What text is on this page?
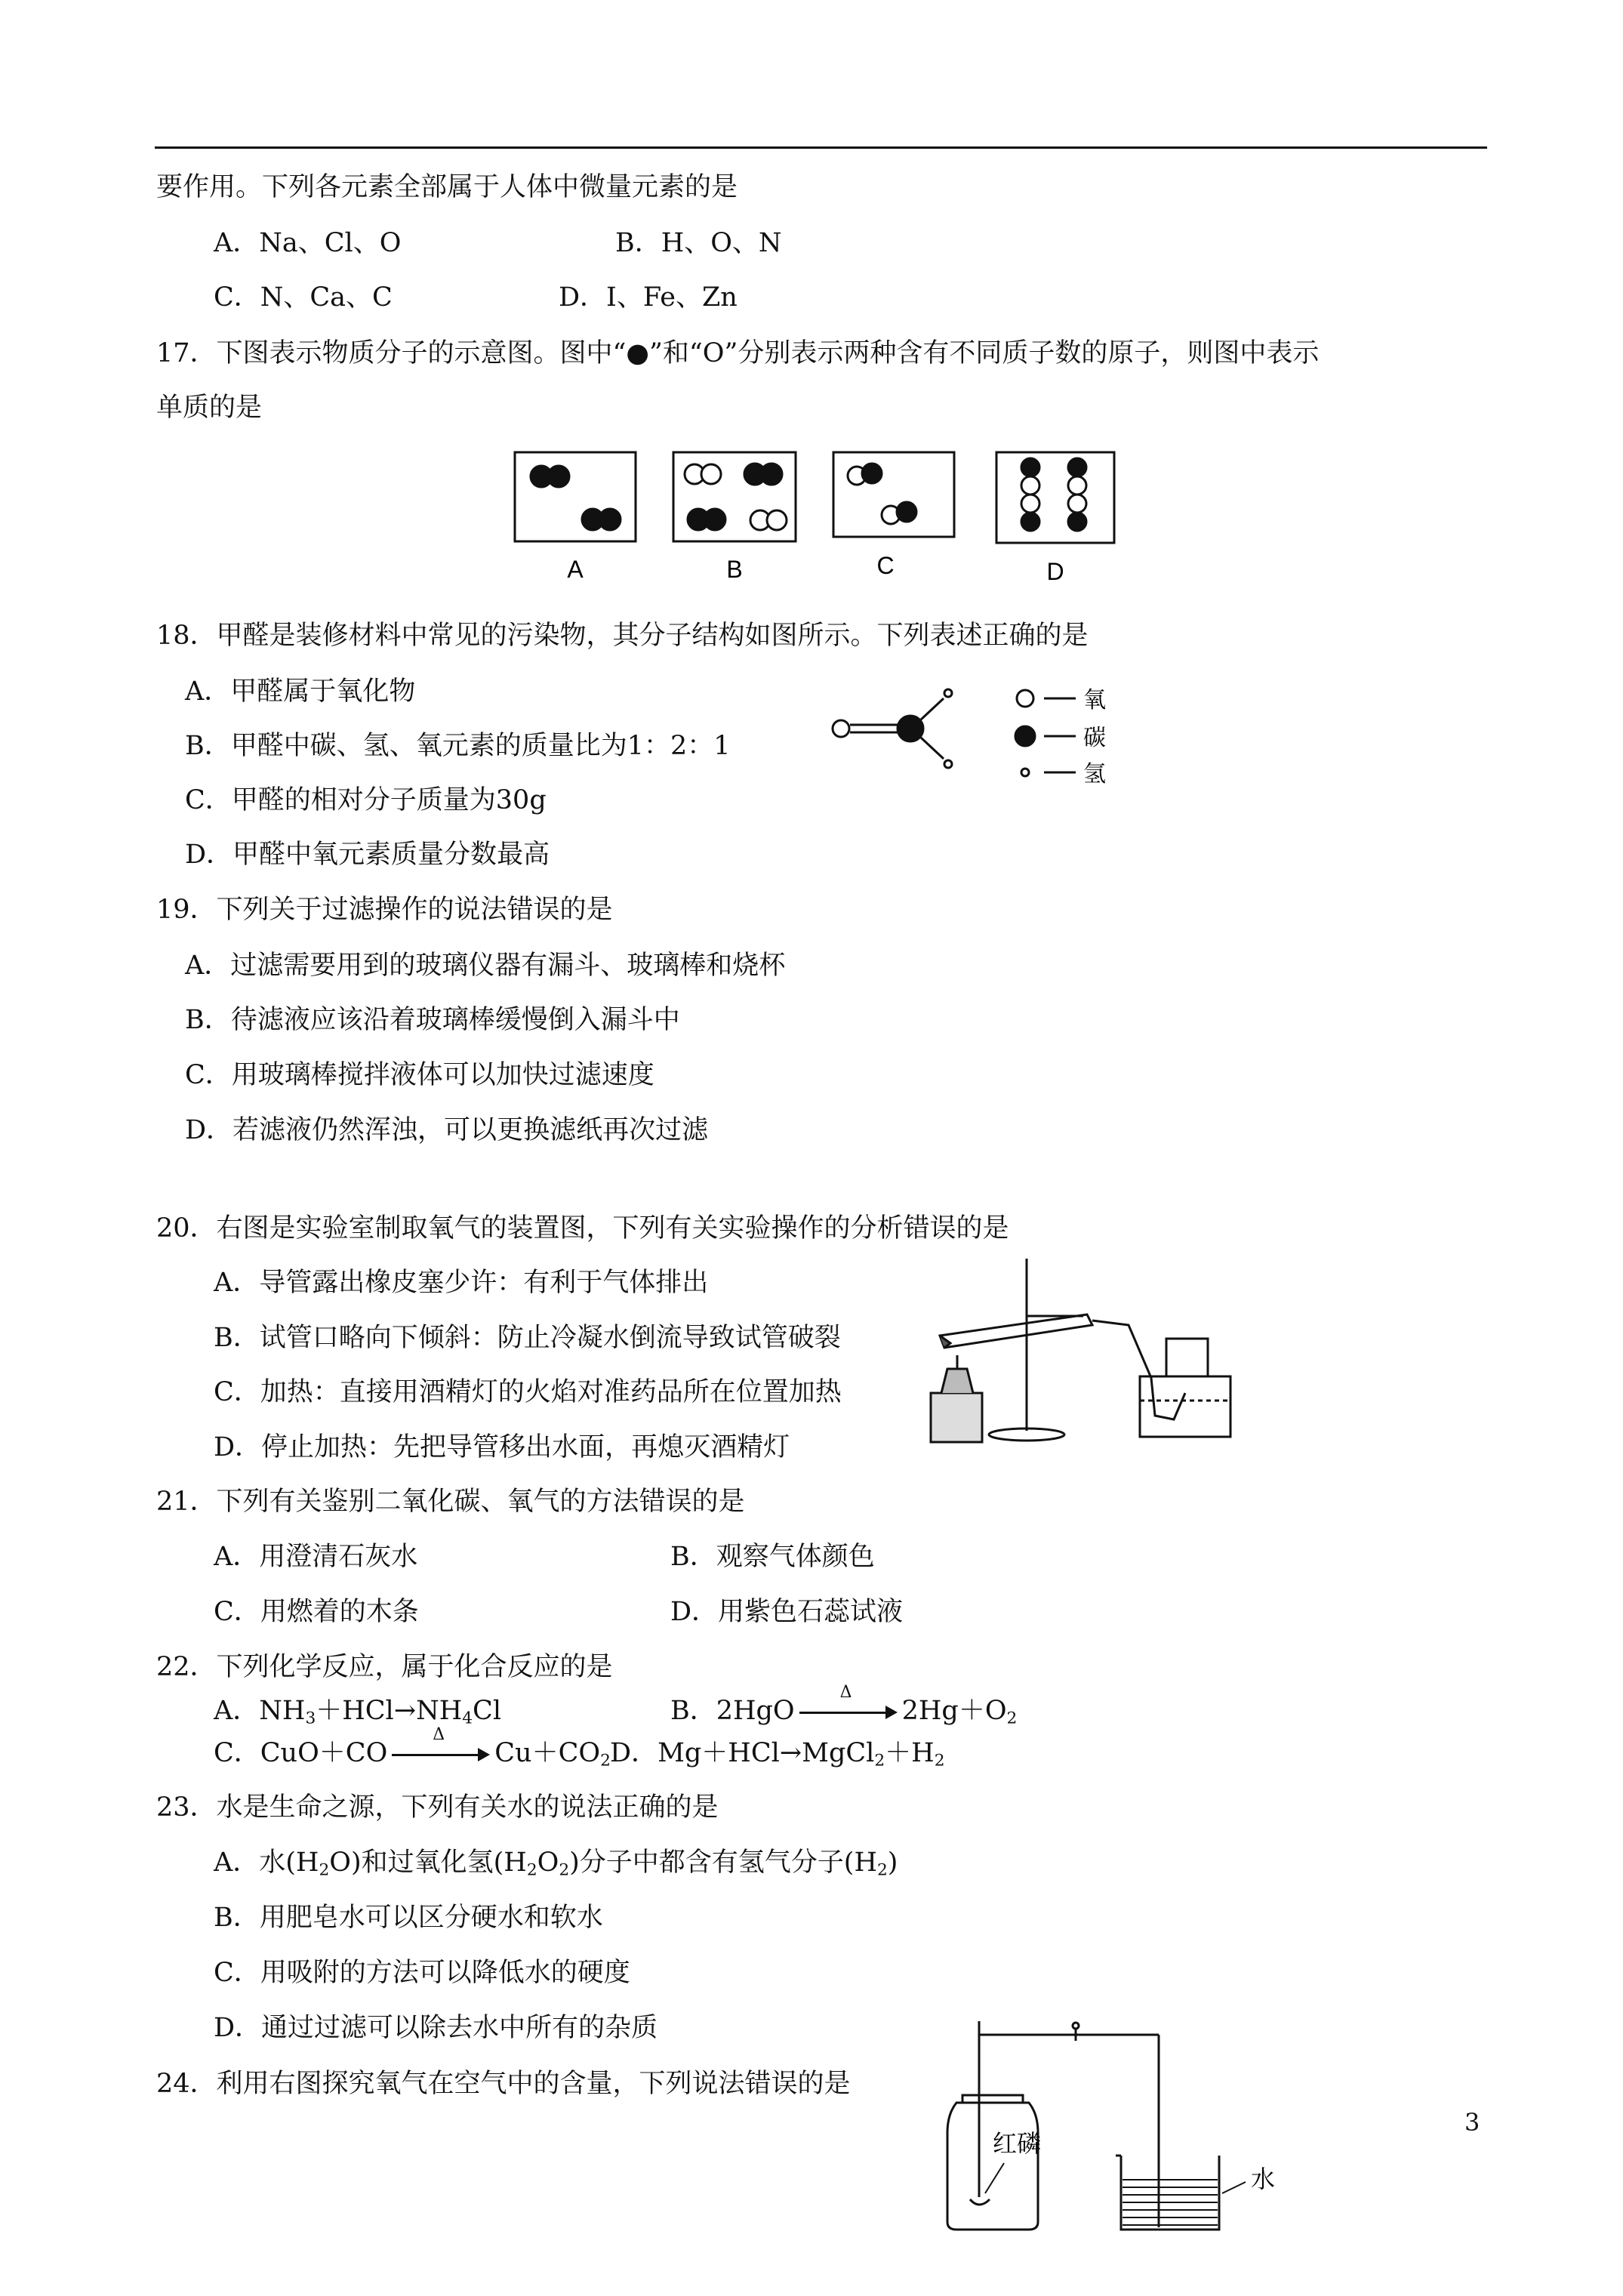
要作用。下列各元素全部属于人体中微量元素的是
A．Na、Cl、O	B．H、O、N
C．N、Ca、C	D．I、Fe、Zn
17．下图表示物质分子的示意图。图中“●”和“O”分别表示两种含有不同质子数的原子，则图中表示
单质的是
A	B	C	D
18．甲醛是装修材料中常见的污染物，其分子结构如图所示。下列表述正确的是
A．甲醛属于氧化物
B．甲醛中碳、氢、氧元素的质量比为1：2：1
C．甲醛的相对分子质量为30g
D．甲醛中氧元素质量分数最高
氧
碳
氢
19．下列关于过滤操作的说法错误的是
A．过滤需要用到的玻璃仪器有漏斗、玻璃棒和烧杯
B．待滤液应该沿着玻璃棒缓慢倒入漏斗中
C．用玻璃棒搅拌液体可以加快过滤速度
D．若滤液仍然浑浊，可以更换滤纸再次过滤
20．右图是实验室制取氧气的装置图，下列有关实验操作的分析错误的是
A．导管露出橡皮塞少许：有利于气体排出
B．试管口略向下倾斜：防止冷凝水倒流导致试管破裂
C．加热：直接用酒精灯的火焰对准药品所在位置加热
D．停止加热：先把导管移出水面，再熄灭酒精灯
21．下列有关鉴别二氧化碳、氧气的方法错误的是
A．用澄清石灰水	B．观察气体颜色
C．用燃着的木条	D．用紫色石蕊试液
22．下列化学反应，属于化合反应的是
A．$NH_3+HCl\to NH_4Cl$	B．2HgO
Δ
$2Hg+O_2$
C．CuO＋CO
Δ
$Cu+CO_2$ D．$Mg+HCl\to MgCl_2+H_2$
23．水是生命之源，下列有关水的说法正确的是
A．水$(H_2O)$和过氧化氢$(H_2O_2)$分子中都含有氢气分子$(H_2)$
B．用肥皂水可以区分硬水和软水
C．用吸附的方法可以降低水的硬度
D．通过过滤可以除去水中所有的杂质
24．利用右图探究氧气在空气中的含量，下列说法错误的是
红磷
水
3
